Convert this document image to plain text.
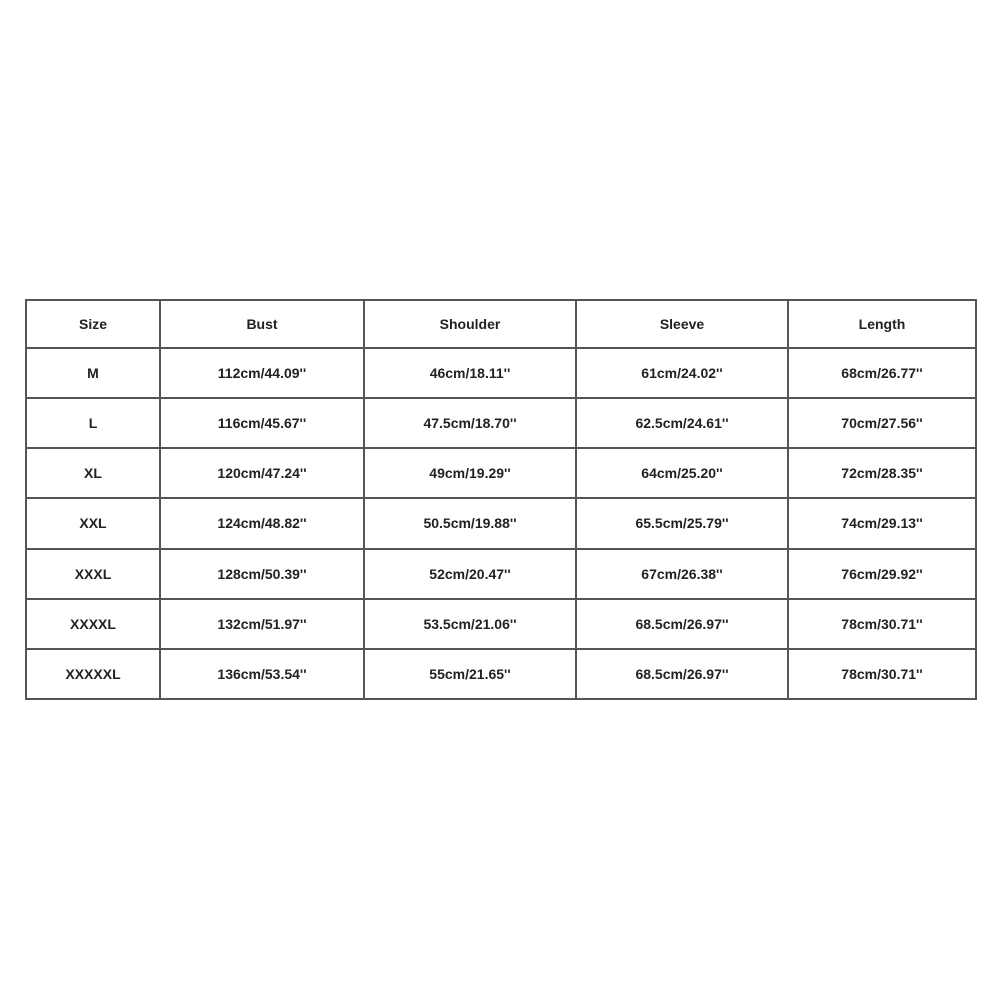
Size	Bust	Shoulder	Sleeve	Length
M	112cm/44.09''	46cm/18.11''	61cm/24.02''	68cm/26.77''
L	116cm/45.67''	47.5cm/18.70''	62.5cm/24.61''	70cm/27.56''
XL	120cm/47.24''	49cm/19.29''	64cm/25.20''	72cm/28.35''
XXL	124cm/48.82''	50.5cm/19.88''	65.5cm/25.79''	74cm/29.13''
XXXL	128cm/50.39''	52cm/20.47''	67cm/26.38''	76cm/29.92''
XXXXL	132cm/51.97''	53.5cm/21.06''	68.5cm/26.97''	78cm/30.71''
XXXXXL	136cm/53.54''	55cm/21.65''	68.5cm/26.97''	78cm/30.71''
